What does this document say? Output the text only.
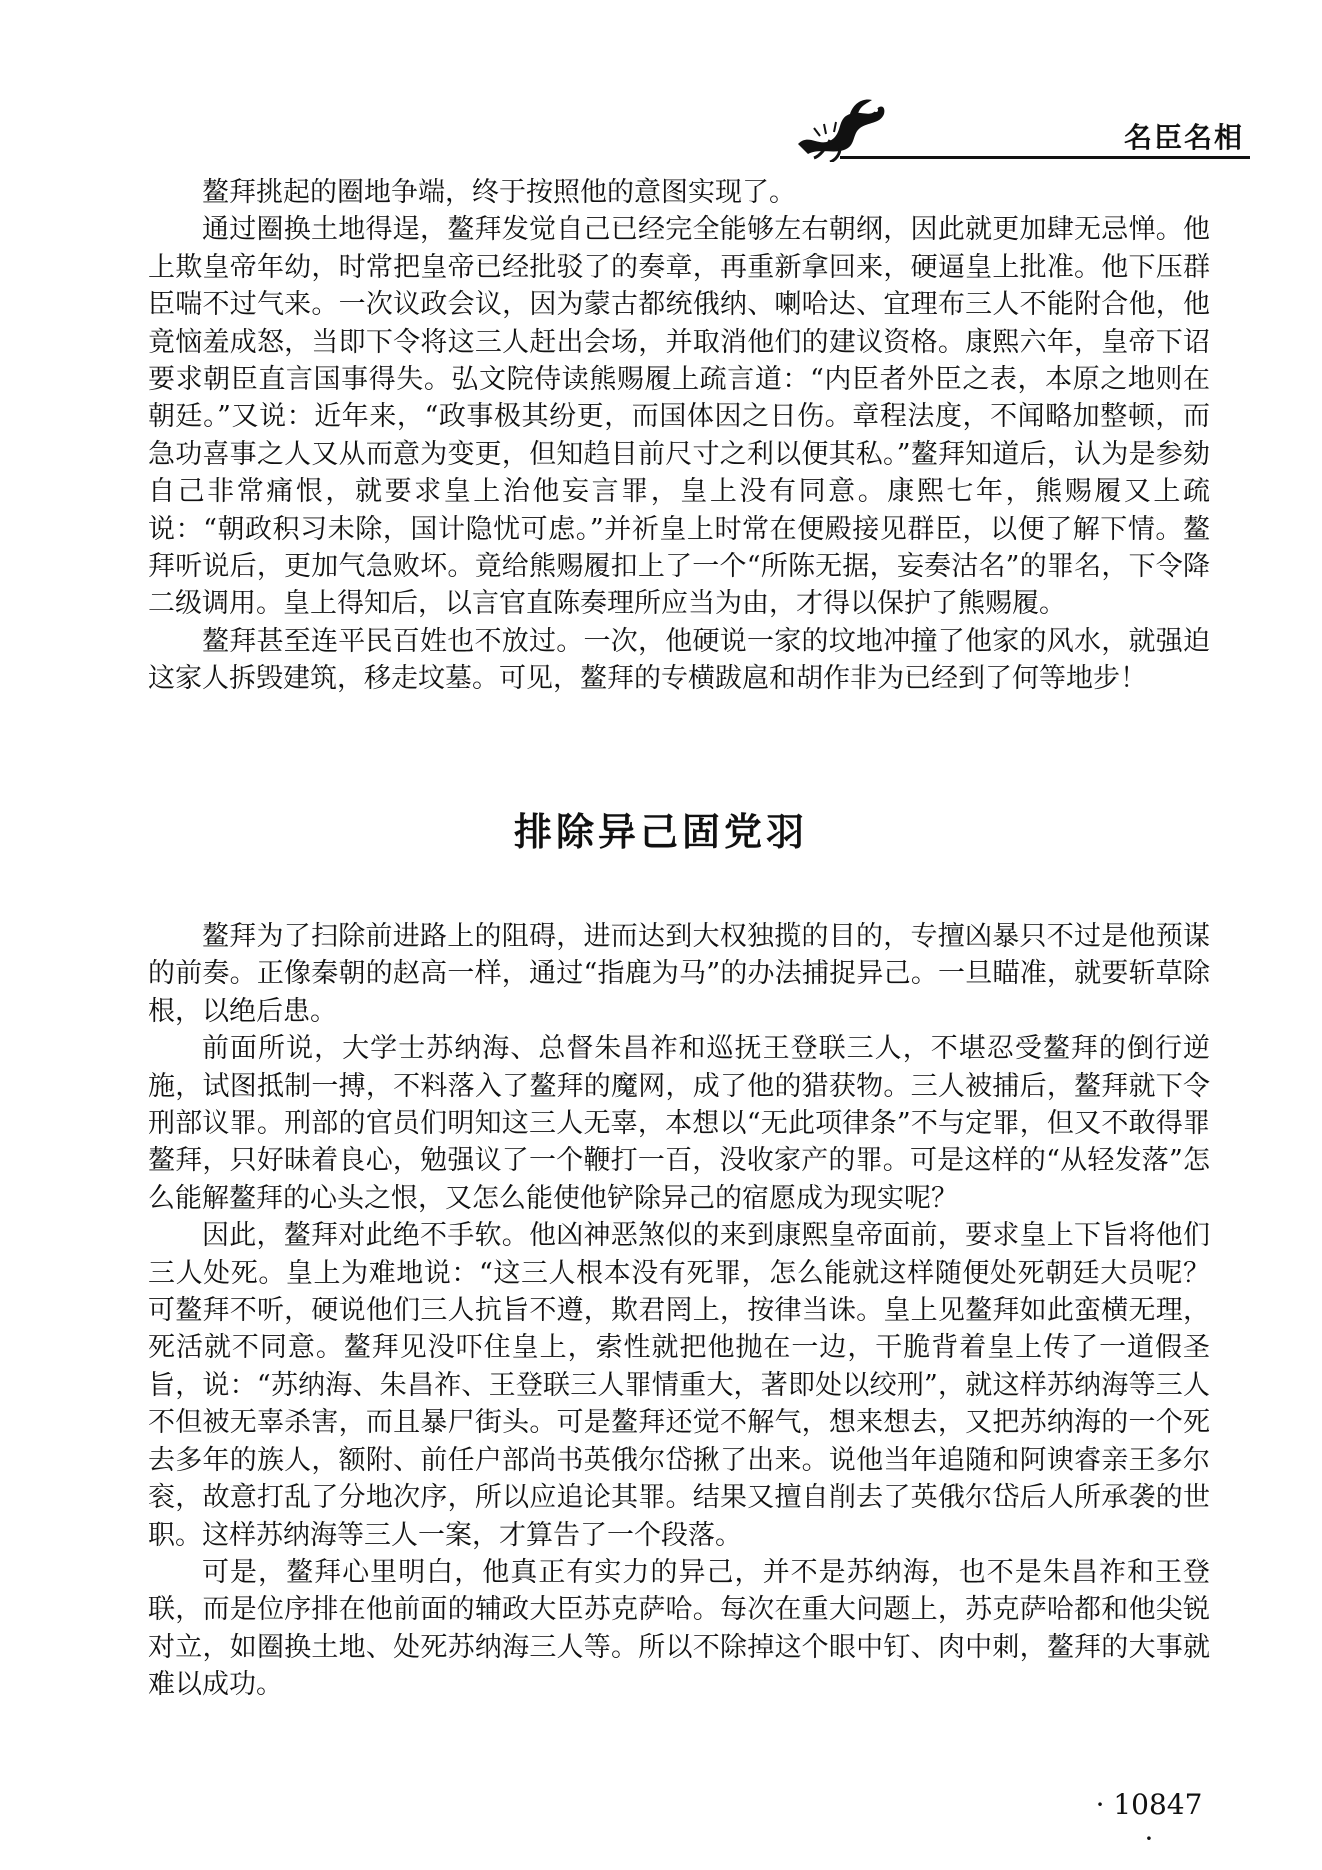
名臣名相

鳌拜挑起的圈地争端，终于按照他的意图实现了。

通过圈换土地得逞，鳌拜发觉自己已经完全能够左右朝纲，因此就更加肆无忌惮。他上欺皇帝年幼，时常把皇帝已经批驳了的奏章，再重新拿回来，硬逼皇上批准。他下压群臣喘不过气来。一次议政会议，因为蒙古都统俄纳、喇哈达、宜理布三人不能附合他，他竟恼羞成怒，当即下令将这三人赶出会场，并取消他们的建议资格。康熙六年，皇帝下诏要求朝臣直言国事得失。弘文院侍读熊赐履上疏言道：“内臣者外臣之表，本原之地则在朝廷。”又说：近年来，“政事极其纷更，而国体因之日伤。章程法度，不闻略加整顿，而急功喜事之人又从而意为变更，但知趋目前尺寸之利以便其私。”鳌拜知道后，认为是参劾自己非常痛恨，就要求皇上治他妄言罪，皇上没有同意。康熙七年，熊赐履又上疏说：“朝政积习未除，国计隐忧可虑。”并祈皇上时常在便殿接见群臣，以便了解下情。鳌拜听说后，更加气急败坏。竟给熊赐履扣上了一个“所陈无据，妄奏沽名”的罪名，下令降二级调用。皇上得知后，以言官直陈奏理所应当为由，才得以保护了熊赐履。

鳌拜甚至连平民百姓也不放过。一次，他硬说一家的坟地冲撞了他家的风水，就强迫这家人拆毁建筑，移走坟墓。可见，鳌拜的专横跋扈和胡作非为已经到了何等地步！

排除异己固党羽

鳌拜为了扫除前进路上的阻碍，进而达到大权独揽的目的，专擅凶暴只不过是他预谋的前奏。正像秦朝的赵高一样，通过“指鹿为马”的办法捕捉异己。一旦瞄准，就要斩草除根，以绝后患。

前面所说，大学士苏纳海、总督朱昌祚和巡抚王登联三人，不堪忍受鳌拜的倒行逆施，试图抵制一搏，不料落入了鳌拜的魔网，成了他的猎获物。三人被捕后，鳌拜就下令刑部议罪。刑部的官员们明知这三人无辜，本想以“无此项律条”不与定罪，但又不敢得罪鳌拜，只好昧着良心，勉强议了一个鞭打一百，没收家产的罪。可是这样的“从轻发落”怎么能解鳌拜的心头之恨，又怎么能使他铲除异己的宿愿成为现实呢？

因此，鳌拜对此绝不手软。他凶神恶煞似的来到康熙皇帝面前，要求皇上下旨将他们三人处死。皇上为难地说：“这三人根本没有死罪，怎么能就这样随便处死朝廷大员呢？可鳌拜不听，硬说他们三人抗旨不遵，欺君罔上，按律当诛。皇上见鳌拜如此蛮横无理，死活就不同意。鳌拜见没吓住皇上，索性就把他抛在一边，干脆背着皇上传了一道假圣旨，说：“苏纳海、朱昌祚、王登联三人罪情重大，著即处以绞刑”，就这样苏纳海等三人不但被无辜杀害，而且暴尸街头。可是鳌拜还觉不解气，想来想去，又把苏纳海的一个死去多年的族人，额附、前任户部尚书英俄尔岱揪了出来。说他当年追随和阿谀睿亲王多尔衮，故意打乱了分地次序，所以应追论其罪。结果又擅自削去了英俄尔岱后人所承袭的世职。这样苏纳海等三人一案，才算告了一个段落。

可是，鳌拜心里明白，他真正有实力的异己，并不是苏纳海，也不是朱昌祚和王登联，而是位序排在他前面的辅政大臣苏克萨哈。每次在重大问题上，苏克萨哈都和他尖锐对立，如圈换土地、处死苏纳海三人等。所以不除掉这个眼中钉、肉中刺，鳌拜的大事就难以成功。

· 10847 ·
